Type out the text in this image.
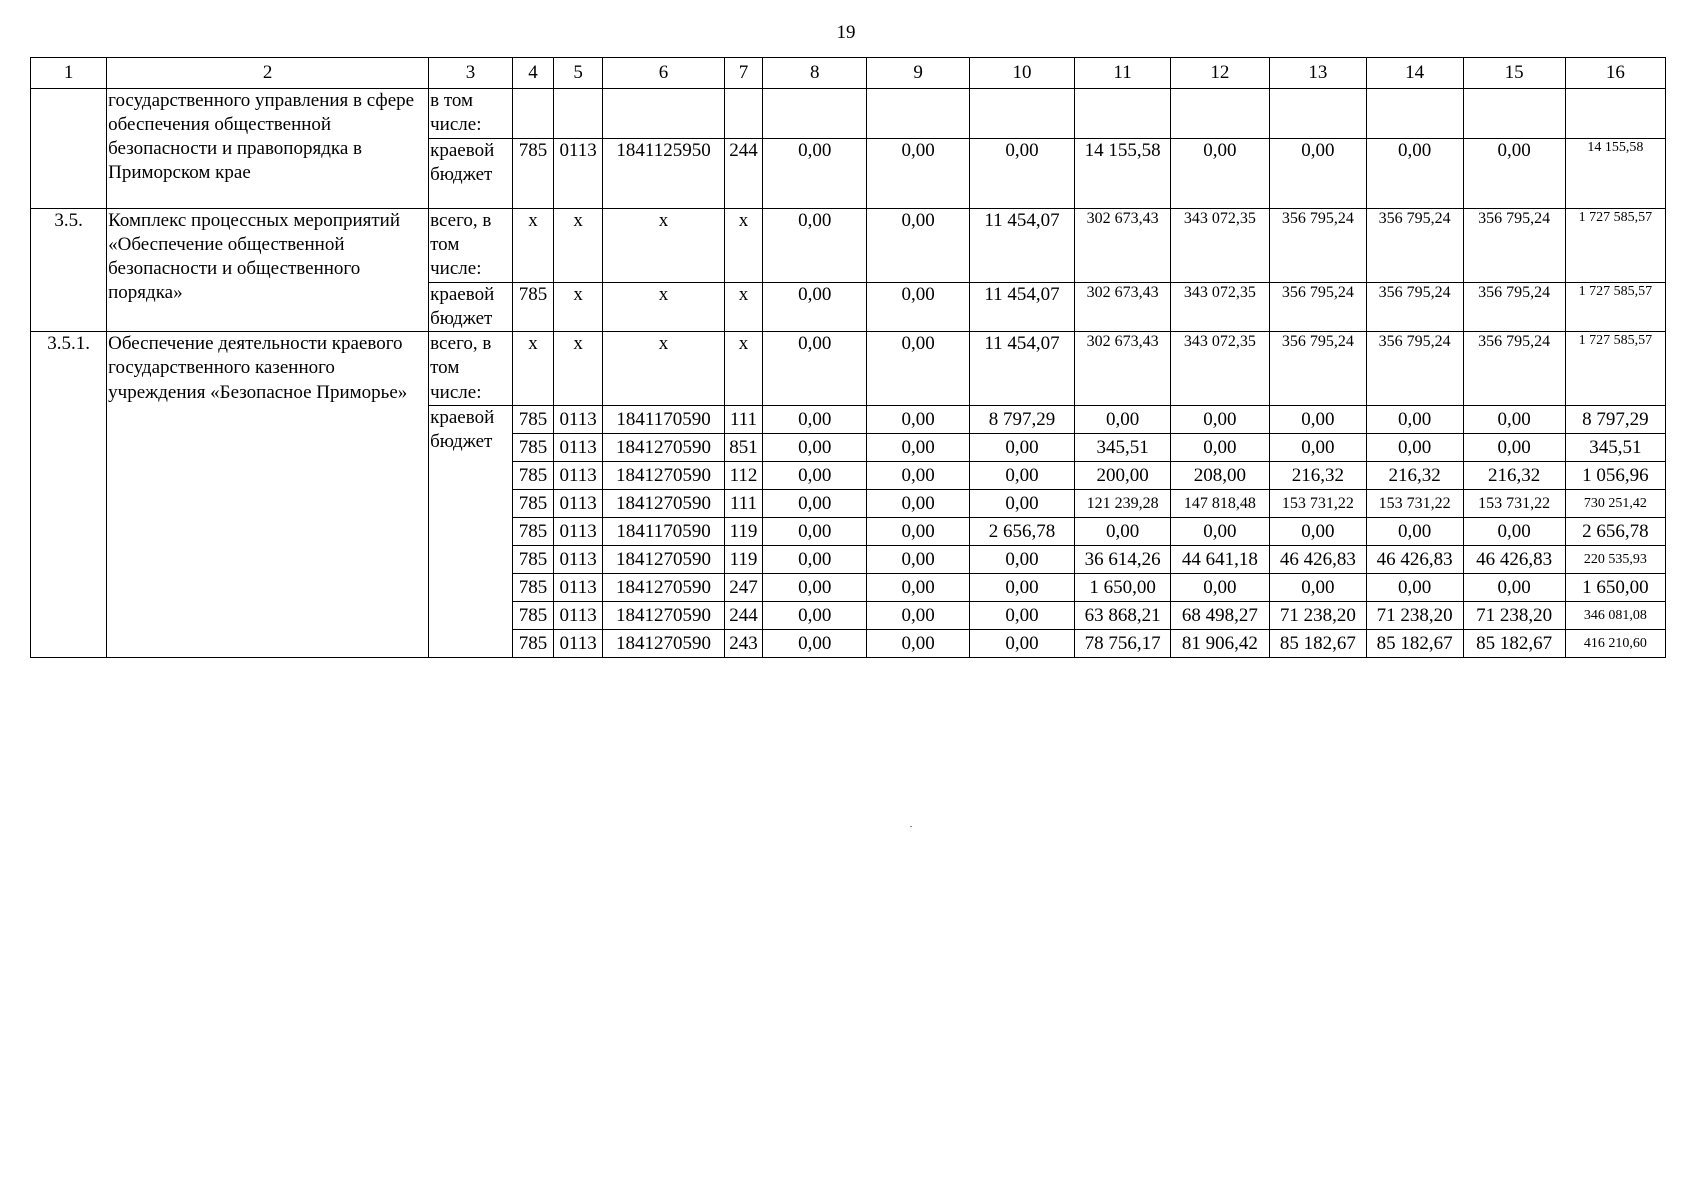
19
1	2	3	4	5	6	7	8	9	10	11	12	13	14	15	16
	государственного управления в сфере обеспечения общественной безопасности и правопорядка в Приморском крае	в том числе:													
		краевой бюджет	785	0113	1841125950	244	0,00	0,00	0,00	14 155,58	0,00	0,00	0,00	0,00	14 155,58
3.5.	Комплекс процессных мероприятий «Обеспечение общественной безопасности и общественного порядка»	всего, в том числе:	х	х	х	х	0,00	0,00	11 454,07	302 673,43	343 072,35	356 795,24	356 795,24	356 795,24	1 727 585,57
		краевой бюджет	785	х	х	х	0,00	0,00	11 454,07	302 673,43	343 072,35	356 795,24	356 795,24	356 795,24	1 727 585,57
3.5.1.	Обеспечение деятельности краевого государственного казенного учреждения «Безопасное Приморье»	всего, в том числе:	х	х	х	х	0,00	0,00	11 454,07	302 673,43	343 072,35	356 795,24	356 795,24	356 795,24	1 727 585,57
		краевой бюджет	785	0113	1841170590	111	0,00	0,00	8 797,29	0,00	0,00	0,00	0,00	0,00	8 797,29
			785	0113	1841270590	851	0,00	0,00	0,00	345,51	0,00	0,00	0,00	0,00	345,51
			785	0113	1841270590	112	0,00	0,00	0,00	200,00	208,00	216,32	216,32	216,32	1 056,96
			785	0113	1841270590	111	0,00	0,00	0,00	121 239,28	147 818,48	153 731,22	153 731,22	153 731,22	730 251,42
			785	0113	1841170590	119	0,00	0,00	2 656,78	0,00	0,00	0,00	0,00	0,00	2 656,78
			785	0113	1841270590	119	0,00	0,00	0,00	36 614,26	44 641,18	46 426,83	46 426,83	46 426,83	220 535,93
			785	0113	1841270590	247	0,00	0,00	0,00	1 650,00	0,00	0,00	0,00	0,00	1 650,00
			785	0113	1841270590	244	0,00	0,00	0,00	63 868,21	68 498,27	71 238,20	71 238,20	71 238,20	346 081,08
			785	0113	1841270590	243	0,00	0,00	0,00	78 756,17	81 906,42	85 182,67	85 182,67	85 182,67	416 210,60
